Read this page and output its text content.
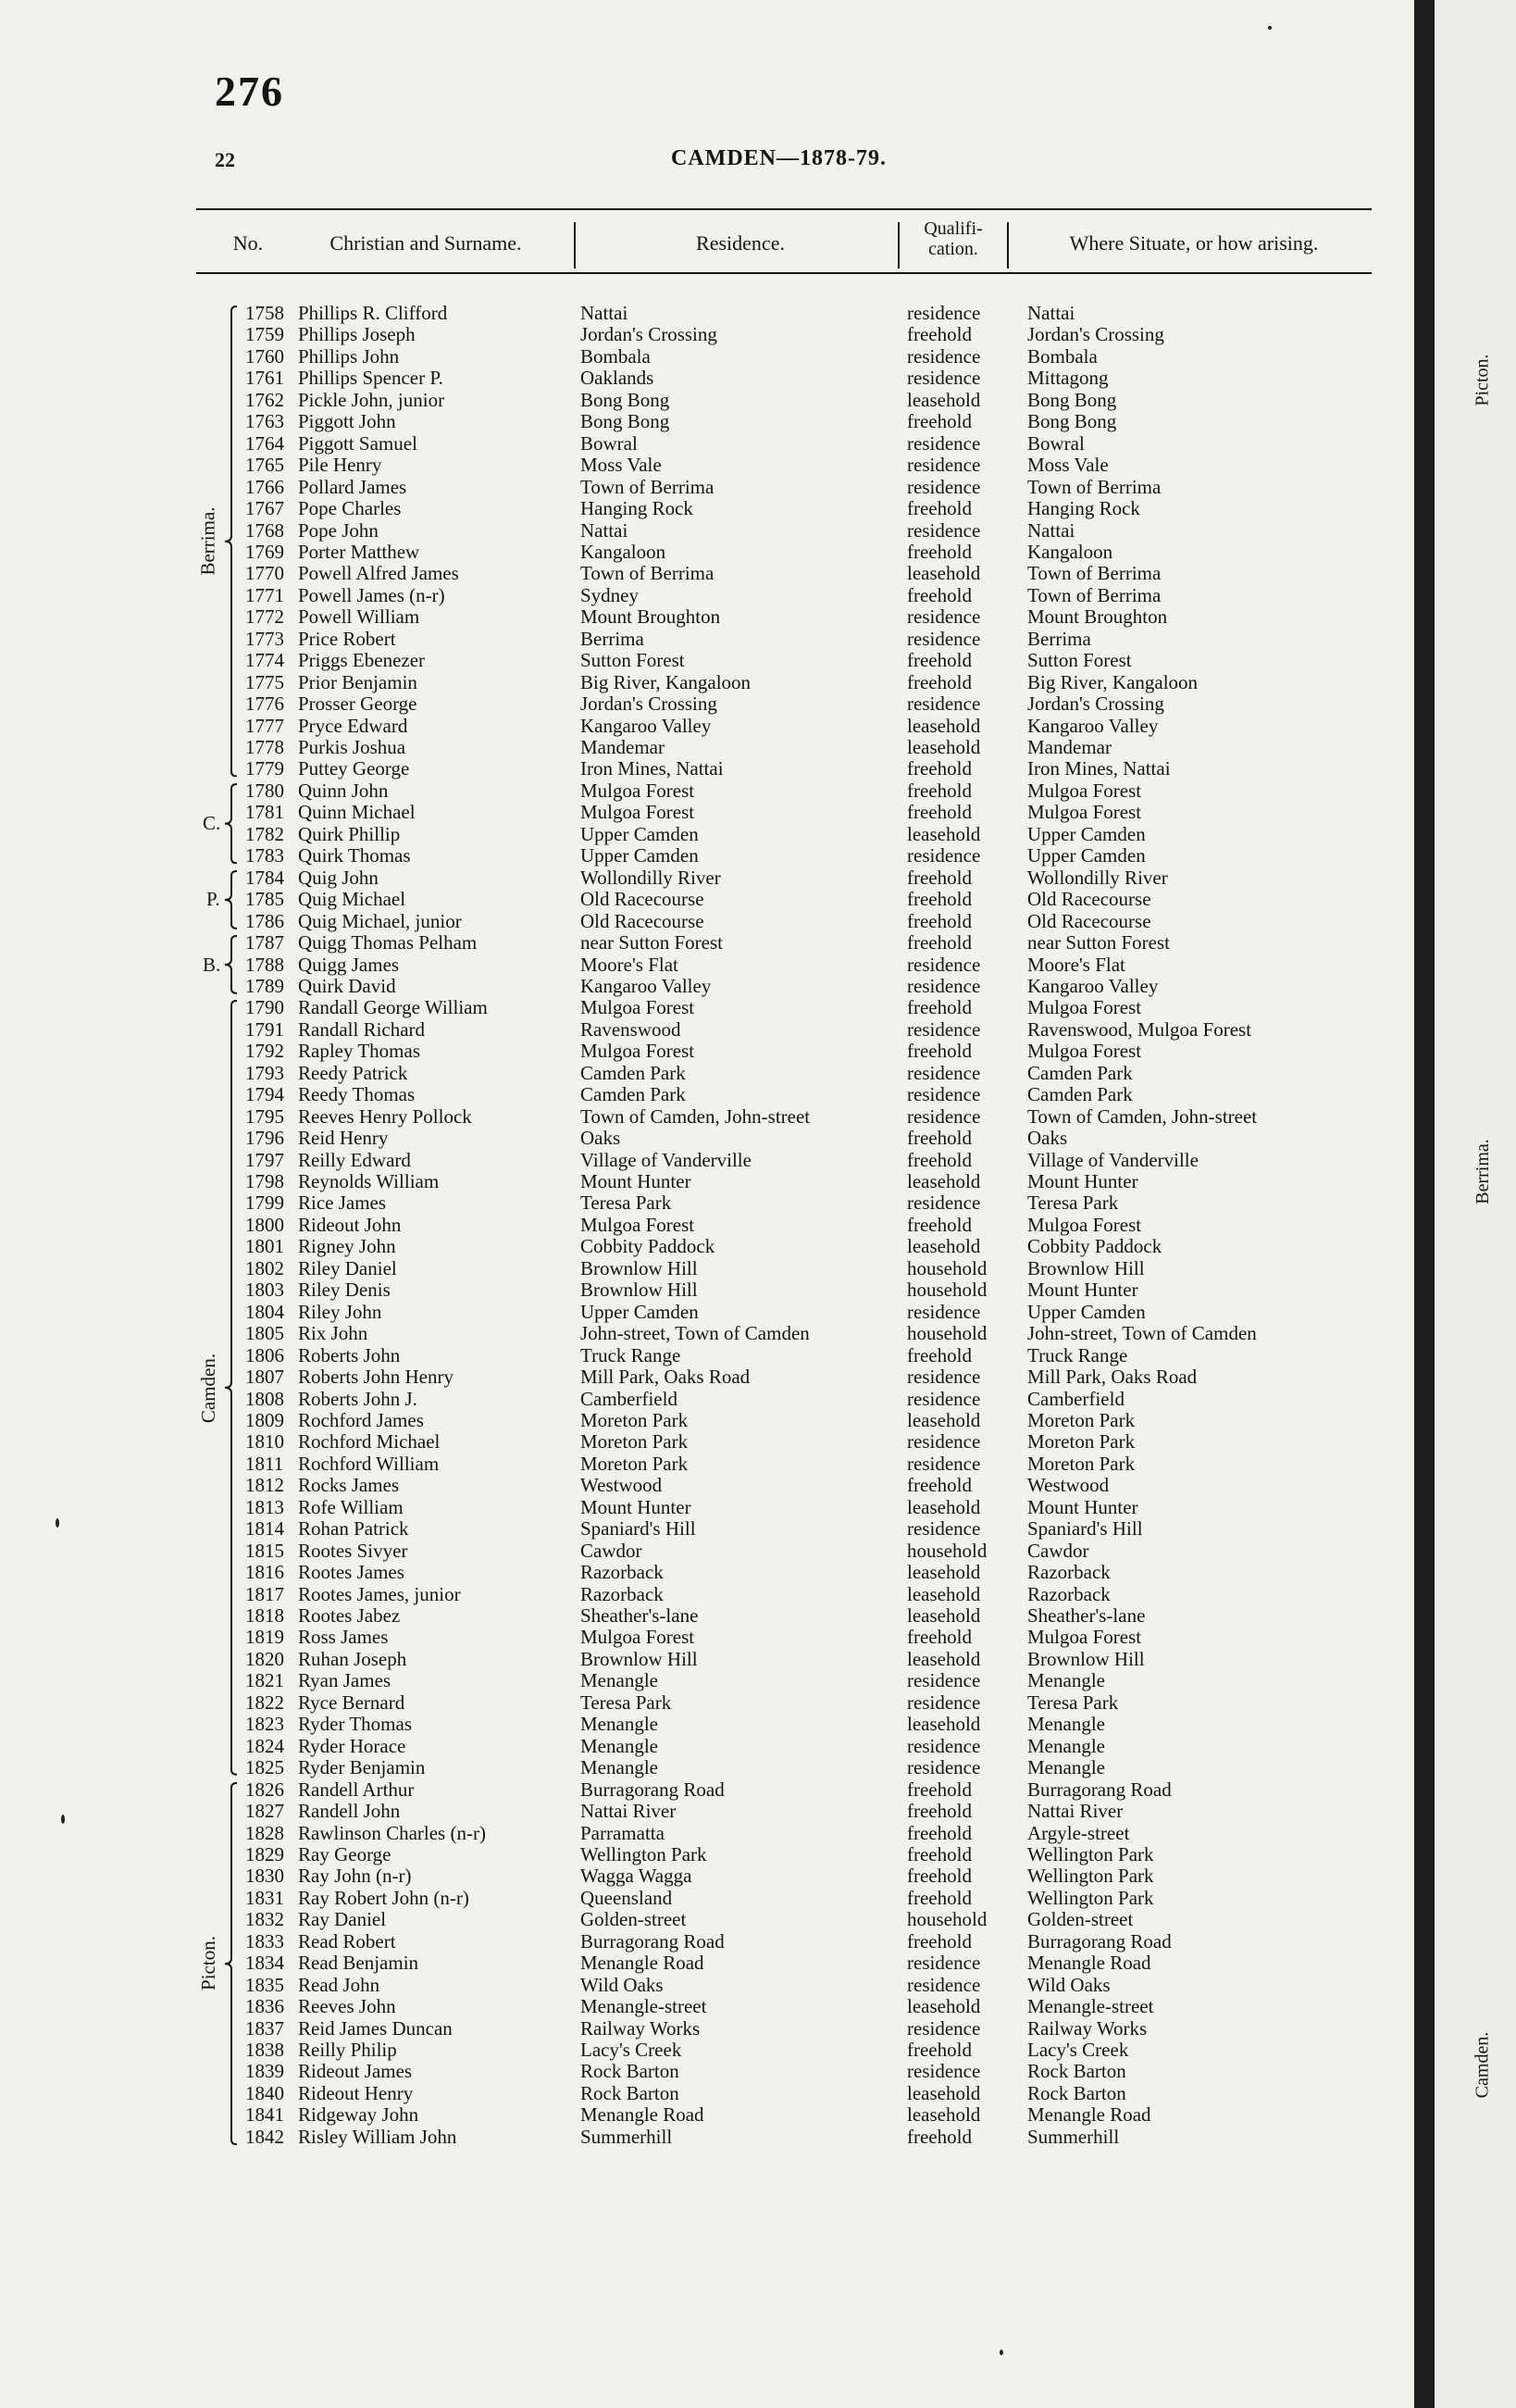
276
22	CAMDEN—1878-79.
No.	Christian and Surname.	Residence.
Qualifi- cation.	Where Situate, or how arising.
1758 Phillips R. Clifford	Nattai	residence Nattai
1759 Phillips Joseph	Jordan's Crossing	freehold	Jordan's Crossing
1760 Phillips John	Bombala	residence Bombala
1761 Phillips Spencer P.	Oaklands	residence Mittagong
1762 Pickle John, junior	Bong Bong	leasehold Bong Bong
1763 Piggott John	Bong Bong	freehold	Bong Bong
1764 Piggott Samuel	Bowral	residence Bowral
1765 Pile Henry	Moss Vale	residence Moss Vale
1766 Pollard James	Town of Berrima	residence Town of Berrima
1767 Pope Charles	Hanging Rock	freehold	Hanging Rock
1768 Pope John	Nattai	residence Nattai
1769 Porter Matthew	Kangaloon	freehold	Kangaloon
1770 Powell Alfred James	Town of Berrima	leasehold Town of Berrima
1771 Powell James (n-r)	Sydney	freehold	Town of Berrima
1772 Powell William	Mount Broughton	residence Mount Broughton
1773 Price Robert	Berrima	residence Berrima
1774 Priggs Ebenezer	Sutton Forest	freehold	Sutton Forest
1775 Prior Benjamin	Big River, Kangaloon	freehold	Big River, Kangaloon
1776 Prosser George	Jordan's Crossing	residence Jordan's Crossing
1777 Pryce Edward	Kangaroo Valley	leasehold Kangaroo Valley
1778 Purkis Joshua	Mandemar	leasehold Mandemar
1779 Puttey George	Iron Mines, Nattai	freehold	Iron Mines, Nattai
1780 Quinn John	Mulgoa Forest	freehold	Mulgoa Forest
1781 Quinn Michael	Mulgoa Forest	freehold	Mulgoa Forest
1782 Quirk Phillip	Upper Camden	leasehold Upper Camden
1783 Quirk Thomas	Upper Camden	residence Upper Camden
1784 Quig John	Wollondilly River	freehold	Wollondilly River
1785 Quig Michael	Old Racecourse	freehold	Old Racecourse
1786 Quig Michael, junior	Old Racecourse	freehold	Old Racecourse
1787 Quigg Thomas Pelham	near Sutton Forest	freehold	near Sutton Forest
1788 Quigg James	Moore's Flat	residence Moore's Flat
1789 Quirk David	Kangaroo Valley	residence Kangaroo Valley
1790 Randall George William	Mulgoa Forest	freehold	Mulgoa Forest
1791 Randall Richard	Ravenswood	residence Ravenswood, Mulgoa Forest
1792 Rapley Thomas	Mulgoa Forest	freehold	Mulgoa Forest
1793 Reedy Patrick	Camden Park	residence Camden Park
1794 Reedy Thomas	Camden Park	residence Camden Park
1795 Reeves Henry Pollock	Town of Camden, John-street	residence Town of Camden, John-street
1796 Reid Henry	Oaks	freehold	Oaks
1797 Reilly Edward	Village of Vanderville	freehold	Village of Vanderville
1798 Reynolds William	Mount Hunter	leasehold Mount Hunter
1799 Rice James	Teresa Park	residence Teresa Park
1800 Rideout John	Mulgoa Forest	freehold	Mulgoa Forest
1801 Rigney John	Cobbity Paddock	leasehold Cobbity Paddock
1802 Riley Daniel	Brownlow Hill	household Brownlow Hill
1803 Riley Denis	Brownlow Hill	household Mount Hunter
1804 Riley John	Upper Camden	residence Upper Camden
1805 Rix John	John-street, Town of Camden	household John-street, Town of Camden
1806 Roberts John	Truck Range	freehold	Truck Range
1807 Roberts John Henry	Mill Park, Oaks Road	residence Mill Park, Oaks Road
1808 Roberts John J.	Camberfield	residence Camberfield
1809 Rochford James	Moreton Park	leasehold Moreton Park
1810 Rochford Michael	Moreton Park	residence Moreton Park
1811 Rochford William	Moreton Park	residence Moreton Park
1812 Rocks James	Westwood	freehold	Westwood
1813 Rofe William	Mount Hunter	leasehold Mount Hunter
1814 Rohan Patrick	Spaniard's Hill	residence Spaniard's Hill
1815 Rootes Sivyer	Cawdor	household Cawdor
1816 Rootes James	Razorback	leasehold Razorback
1817 Rootes James, junior	Razorback	leasehold Razorback
1818 Rootes Jabez	Sheather's-lane	leasehold Sheather's-lane
1819 Ross James	Mulgoa Forest	freehold	Mulgoa Forest
1820 Ruhan Joseph	Brownlow Hill	leasehold Brownlow Hill
1821 Ryan James	Menangle	residence Menangle
1822 Ryce Bernard	Teresa Park	residence Teresa Park
1823 Ryder Thomas	Menangle	leasehold Menangle
1824 Ryder Horace	Menangle	residence Menangle
1825 Ryder Benjamin	Menangle	residence Menangle
1826 Randell Arthur	Burragorang Road	freehold	Burragorang Road
1827 Randell John	Nattai River	freehold	Nattai River
1828 Rawlinson Charles (n-r)	Parramatta	freehold	Argyle-street
1829 Ray George	Wellington Park	freehold	Wellington Park
1830 Ray John (n-r)	Wagga Wagga	freehold	Wellington Park
1831 Ray Robert John (n-r)	Queensland	freehold	Wellington Park
1832 Ray Daniel	Golden-street	household Golden-street
1833 Read Robert	Burragorang Road	freehold	Burragorang Road
1834 Read Benjamin	Menangle Road	residence Menangle Road
1835 Read John	Wild Oaks	residence Wild Oaks
1836 Reeves John	Menangle-street	leasehold Menangle-street
1837 Reid James Duncan	Railway Works	residence Railway Works
1838 Reilly Philip	Lacy's Creek	freehold	Lacy's Creek
1839 Rideout James	Rock Barton	residence Rock Barton
1840 Rideout Henry	Rock Barton	leasehold Rock Barton
1841 Ridgeway John	Menangle Road	leasehold Menangle Road
1842 Risley William John	Summerhill	freehold	Summerhill
Berrima.
C.
P.
B.
Camden.
Picton.
Picton.
Berrima.
Camden.
